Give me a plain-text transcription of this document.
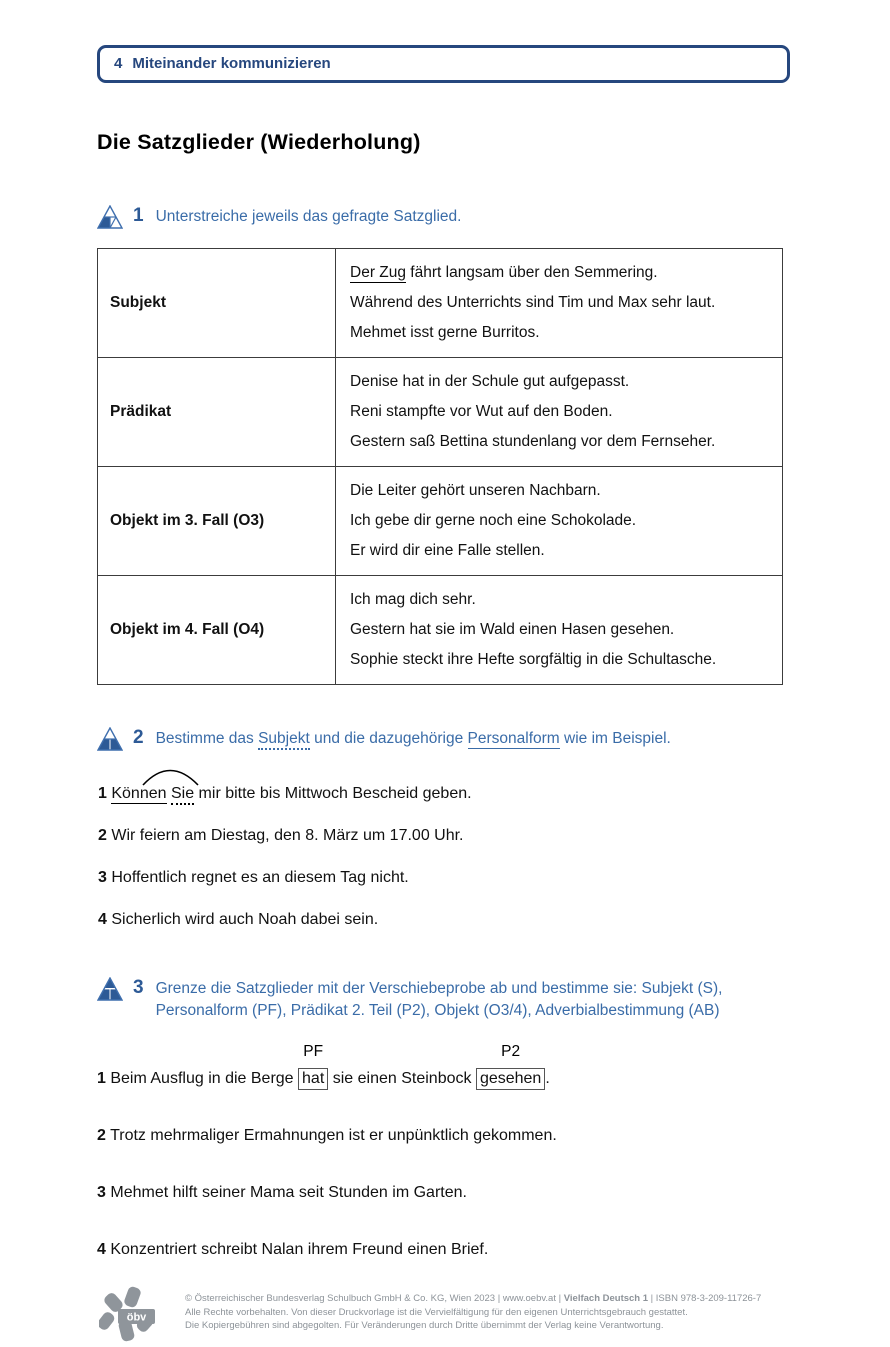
4 Miteinander kommunizieren
Die Satzglieder (Wiederholung)
1 Unterstreiche jeweils das gefragte Satzglied.
Subjekt	Der Zug fährt langsam über den Semmering.
Während des Unterrichts sind Tim und Max sehr laut.
Mehmet isst gerne Burritos.

Prädikat	Denise hat in der Schule gut aufgepasst.
Reni stampfte vor Wut auf den Boden.
Gestern saß Bettina stundenlang vor dem Fernseher.

Objekt im 3. Fall (O3)	Die Leiter gehört unseren Nachbarn.
Ich gebe dir gerne noch eine Schokolade.
Er wird dir eine Falle stellen.

Objekt im 4. Fall (O4)	Ich mag dich sehr.
Gestern hat sie im Wald einen Hasen gesehen.
Sophie steckt ihre Hefte sorgfältig in die Schultasche.
2 Bestimme das Subjekt und die dazugehörige Personalform wie im Beispiel.
1 Können Sie mir bitte bis Mittwoch Bescheid geben.
2 Wir feiern am Diestag, den 8. März um 17.00 Uhr.
3 Hoffentlich regnet es an diesem Tag nicht.
4 Sicherlich wird auch Noah dabei sein.
3 Grenze die Satzglieder mit der Verschiebeprobe ab und bestimme sie: Subjekt (S), Personalform (PF), Prädikat 2. Teil (P2), Objekt (O3/4), Adverbialbestimmung (AB)
1 Beim Ausflug in die Berge
PF
hat sie einen Steinbock
P2
gesehen .
2 Trotz mehrmaliger Ermahnungen ist er unpünktlich gekommen.
3 Mehmet hilft seiner Mama seit Stunden im Garten.
4 Konzentriert schreibt Nalan ihrem Freund einen Brief.
öbv
© Österreichischer Bundesverlag Schulbuch GmbH & Co. KG, Wien 2023 | www.oebv.at | Vielfach Deutsch 1 | ISBN 978-3-209-11726-7
Alle Rechte vorbehalten. Von dieser Druckvorlage ist die Vervielfältigung für den eigenen Unterrichtsgebrauch gestattet.
Die Kopiergebühren sind abgegolten. Für Veränderungen durch Dritte übernimmt der Verlag keine Verantwortung.
